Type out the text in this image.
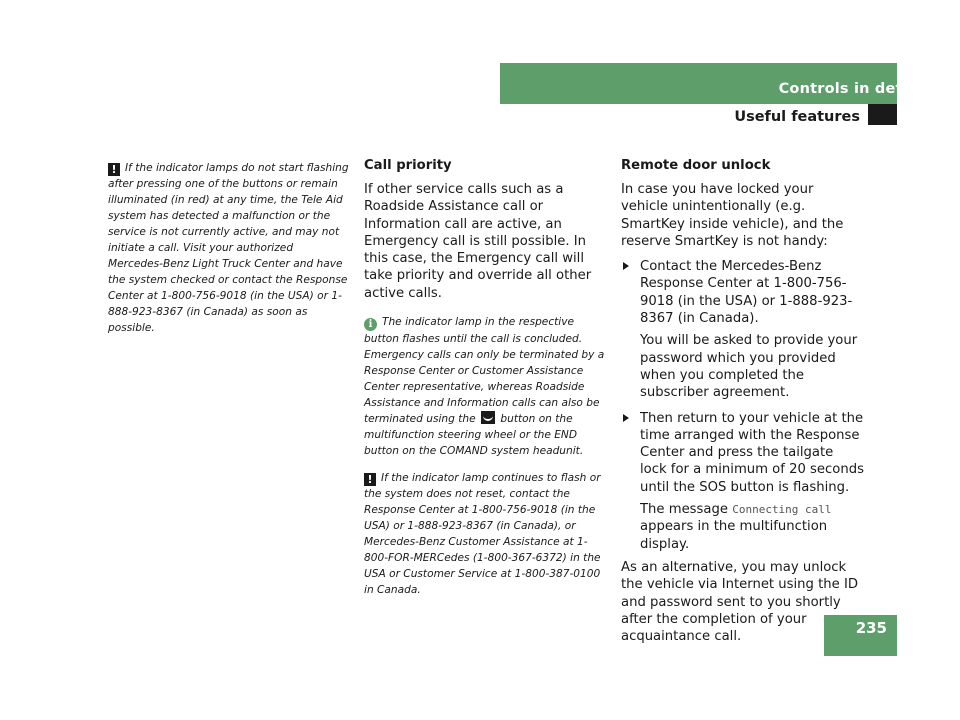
Controls in detail
Useful features
! If the indicator lamps do not start flashing after pressing one of the buttons or remain illuminated (in red) at any time, the Tele Aid system has detected a malfunction or the service is not currently active, and may not initiate a call. Visit your authorized Mercedes-Benz Light Truck Center and have the system checked or contact the Response Center at 1-800-756-9018 (in the USA) or 1-888-923-8367 (in Canada) as soon as possible.

Call priority

If other service calls such as a Roadside Assistance call or Information call are active, an Emergency call is still possible. In this case, the Emergency call will take priority and override all other active calls.

i The indicator lamp in the respective button flashes until the call is concluded. Emergency calls can only be terminated by a Response Center or Customer Assistance Center representative, whereas Roadside Assistance and Information calls can also be terminated using the button on the multifunction steering wheel or the END button on the COMAND system headunit.
! If the indicator lamp continues to flash or the system does not reset, contact the Response Center at 1-800-756-9018 (in the USA) or 1-888-923-8367 (in Canada), or Mercedes-Benz Customer Assistance at 1-800-FOR-MERCedes (1-800-367-6372) in the USA or Customer Service at 1-800-387-0100 in Canada.

Remote door unlock

In case you have locked your vehicle unintentionally (e.g. SmartKey inside vehicle), and the reserve SmartKey is not handy:

Contact the Mercedes-Benz Response Center at 1-800-756-9018 (in the USA) or 1-888-923-8367 (in Canada).

You will be asked to provide your password which you provided when you completed the subscriber agreement.

Then return to your vehicle at the time arranged with the Response Center and press the tailgate lock for a minimum of 20 seconds until the SOS button is flashing.

The message Connecting call appears in the multifunction display.

As an alternative, you may unlock the vehicle via Internet using the ID and password sent to you shortly after the completion of your acquaintance call.	235
